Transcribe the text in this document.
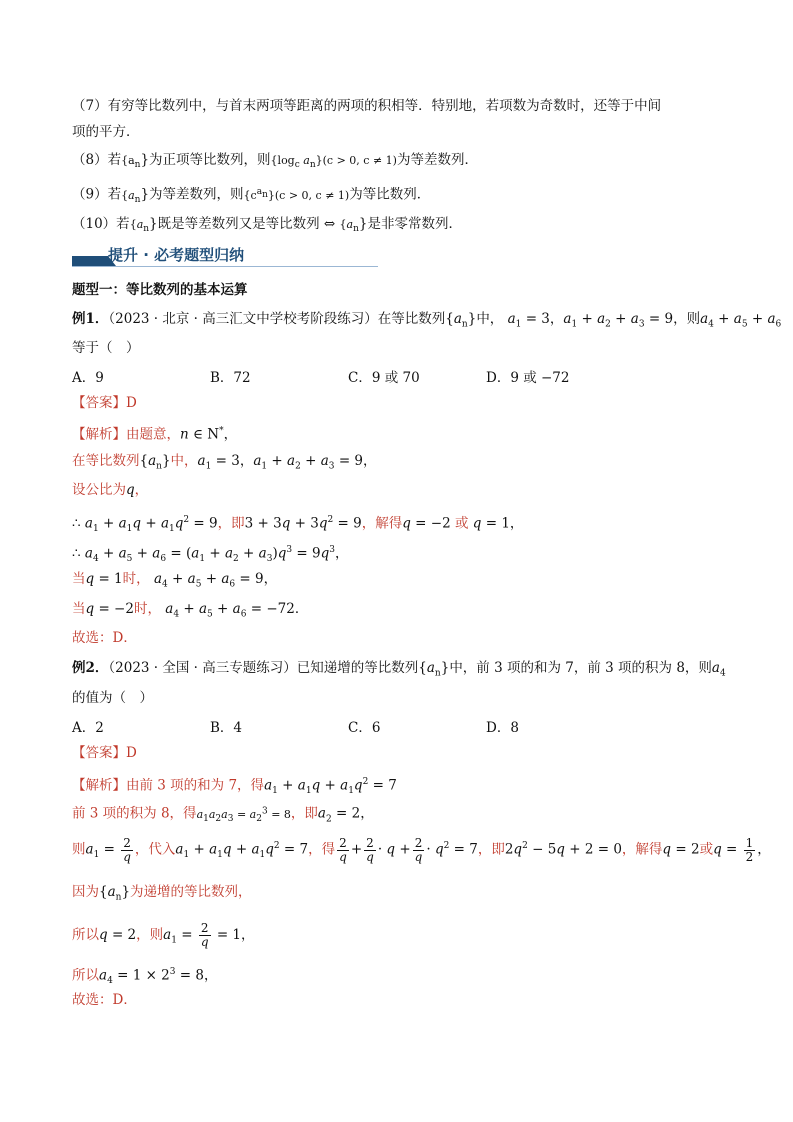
（7）有穷等比数列中，与首末两项等距离的两项的积相等．特别地，若项数为奇数时，还等于中间
项的平方．
（8）若$\{a_n\}$为正项等比数列，则{$\log_c$ $a_n\}(c > 0$, c ≠ 1)为等差数列．
（9）若$\{a_n\}$为等差数列，则$\{c^{a_n}\}(c > 0$, c ≠ 1)为等比数列．
（10）若$\{a_n\}$既是等差数列又是等比数列 ⇔ $\{a_n\}$是非零常数列．
提升 · 必考题型归纳
题型一：等比数列的基本运算
例1．（2023 · 北京 · 高三汇文中学校考阶段练习）在等比数列$\{a_n\}$中， $a_1 = 3$，$a_1 + a_2 + a_3 = 9$，则$a_4 + a_5 + a_6$
等于（　）
A．9	B．72	C．9 或 70	D．9 或 −72
【答案】D
【解析】由题意，n ∈ N*，
在等比数列$\{a_n\}$中，$a_1 = 3$，$a_1 + a_2 + a_3 = 9$，
设公比为q，
∴ $a_1 + a_1q + a_1q^2 = 9$，即$3 + 3q + 3q^2 = 9$，解得q = −2 或 q = 1，
∴ $a_4 + a_5 + a_6 = (a_1 + a_2 + a_3)q^3 = 9q^3$，
当q = 1时， $a_4 + a_5 + a_6 = 9$，
当q = −2时， $a_4 + a_5 + a_6 = -72$．
故选：D．
例2．（2023 · 全国 · 高三专题练习）已知递增的等比数列$\{a_n\}$中，前 3 项的和为 7，前 3 项的积为 8，则$a_4$
的值为（　）
A．2	B．4	C．6	D．8
【答案】D
【解析】由前 3 项的和为 7，得$a_1 + a_1q + a_1q^2 = 7$
前 3 项的积为 8，得$a_1a_2a_3 = a_2^3 = 8$，即$a_2 = 2$，
则$a_1 = \frac{2}{q}$ ，代入$a_1 + a_1q + a_1q^2 = 7$，得 $\frac{2}{q} + \frac{2}{q} \cdot q + \frac{2}{q} \cdot q^2 = 7$，即$2q^2 - 5q + 2 = 0$，解得q = 2或$q = \frac{1}{2}$ ，
因为$\{a_n\}$为递增的等比数列，
所以q = 2，则$a_1 = \frac{2}{q} = 1$，
所以$a_4 = 1 \times 2^3 = 8$，
故选：D．
